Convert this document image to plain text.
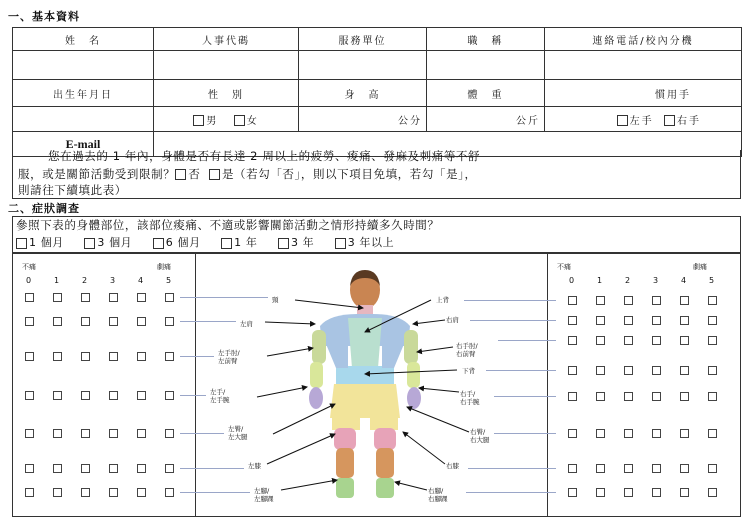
一、基本資料
姓　名	人事代碼	服務單位	職　稱	連絡電話/校內分機

出生年月日	性　別	身　高	體　重	慣用手
	男 女	公分	公斤	左手 右手
E-mail				
您在過去的 1 年內，身體是否有長達 2 周以上的疲勞、痠痛、發麻及刺痛等不舒
服，或是關節活動受到限制？ 否 是（若勾「否」，則以下項目免填，若勾「是」，
則請往下續填此表）
二、症狀調查
參照下表的身體部位，該部位痠痛、不適或影響關節活動之情形持續多久時間？
1 個月	3 個月	6 個月	1 年	3 年	3 年以上
不痛	劇痛
0	1	2	3	4	5
不痛	劇痛
0	1	2	3	4	5
頸
左肩
左手肘/
左前臂
左手/
左手腕
左臀/
左大腿
左膝
左腳/
左腳踝
上背
右肩
右手肘/
右前臂
下背
右手/
右手腕
右臀/
右大腿
右膝
右腳/
右腳踝
